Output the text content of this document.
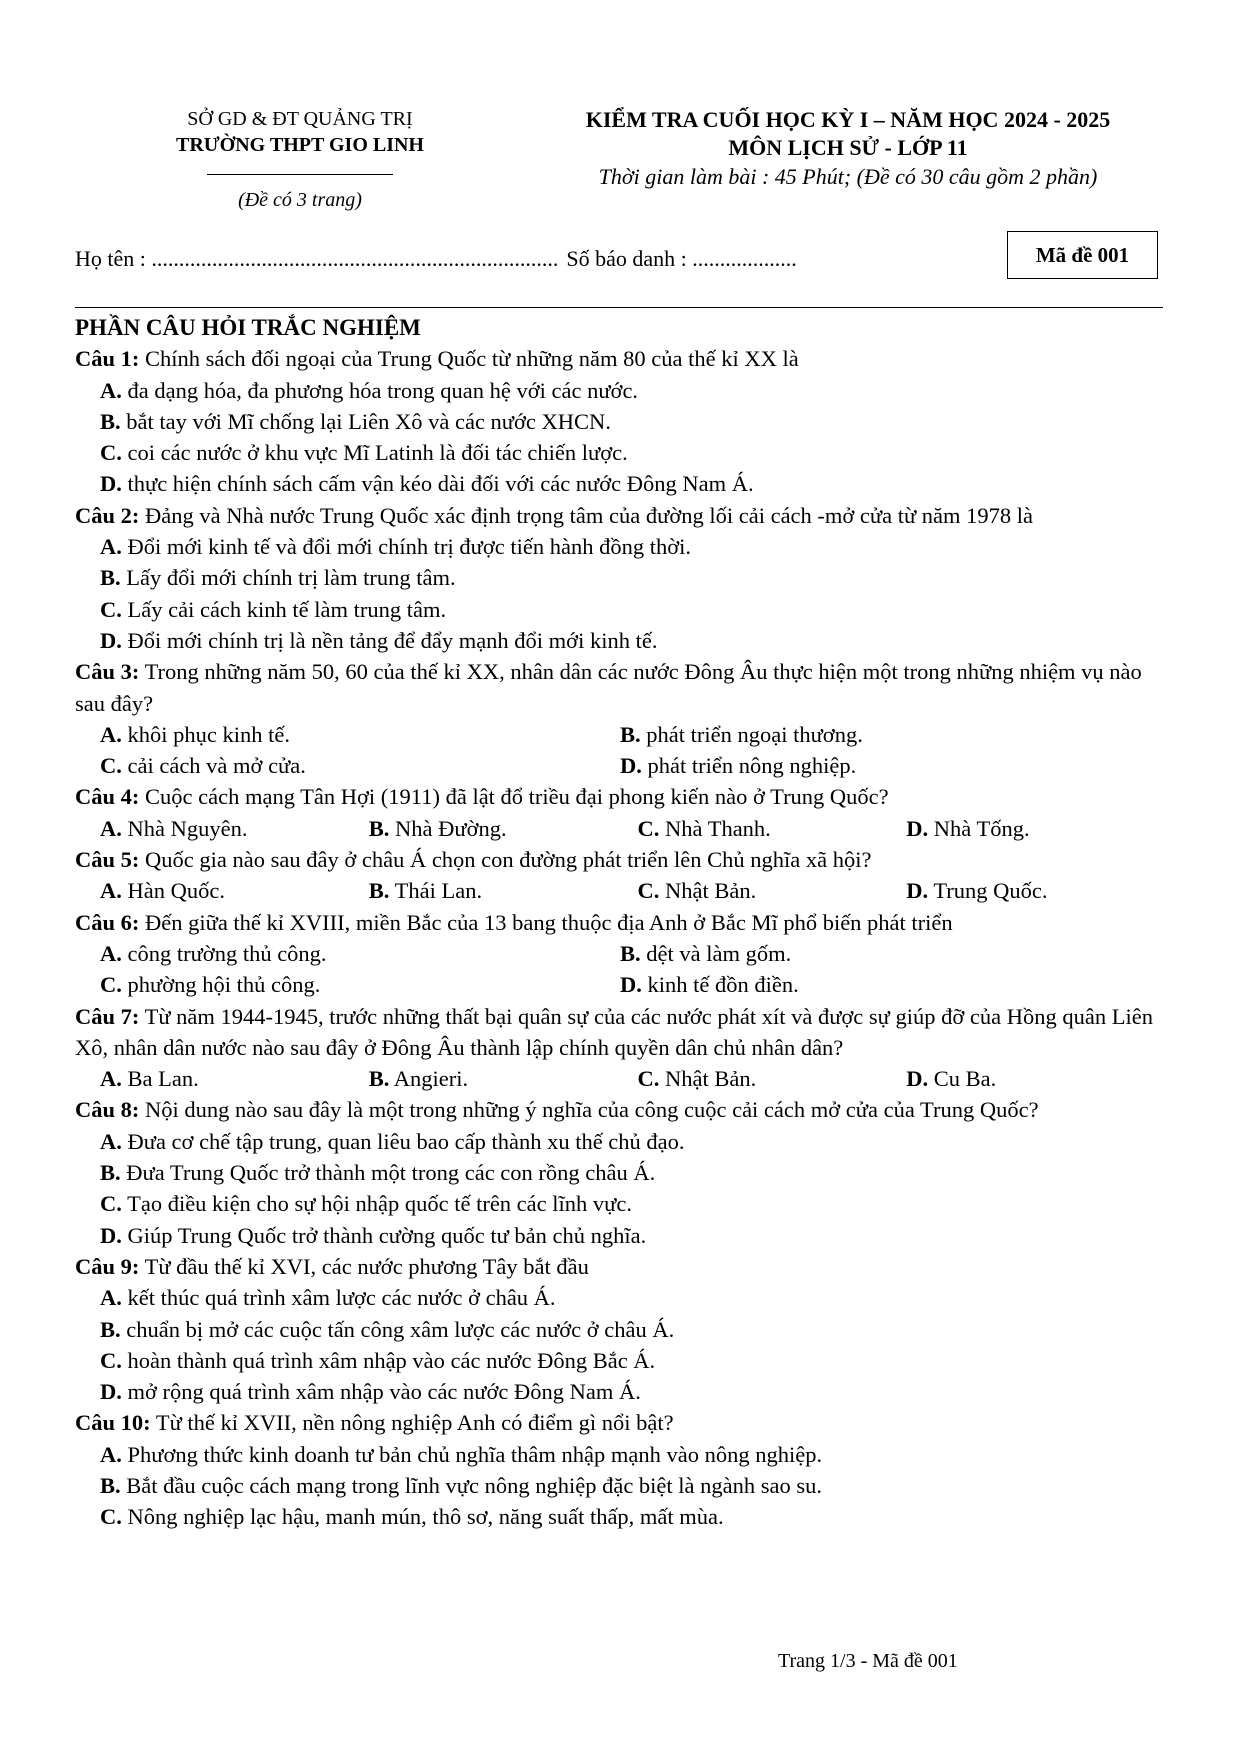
SỞ GD & ĐT QUẢNG TRỊ
TRƯỜNG THPT GIO LINH
(Đề có 3 trang)
KIỂM TRA CUỐI HỌC KỲ I – NĂM HỌC 2024 - 2025
MÔN LỊCH SỬ - LỚP 11
Thời gian làm bài : 45 Phút; (Đề có 30 câu gồm 2 phần)
Họ tên : .......................................................................... Số báo danh : ...................	Mã đề 001
PHẦN CÂU HỎI TRẮC NGHIỆM
Câu 1: Chính sách đối ngoại của Trung Quốc từ những năm 80 của thế kỉ XX là
A. đa dạng hóa, đa phương hóa trong quan hệ với các nước.
B. bắt tay với Mĩ chống lại Liên Xô và các nước XHCN.
C. coi các nước ở khu vực Mĩ Latinh là đối tác chiến lược.
D. thực hiện chính sách cấm vận kéo dài đối với các nước Đông Nam Á.
Câu 2: Đảng và Nhà nước Trung Quốc xác định trọng tâm của đường lối cải cách -mở cửa từ năm 1978 là
A. Đổi mới kinh tế và đổi mới chính trị được tiến hành đồng thời.
B. Lấy đổi mới chính trị làm trung tâm.
C. Lấy cải cách kinh tế làm trung tâm.
D. Đổi mới chính trị là nền tảng để đẩy mạnh đổi mới kinh tế.
Câu 3: Trong những năm 50, 60 của thế kỉ XX, nhân dân các nước Đông Âu thực hiện một trong những nhiệm vụ nào sau đây?
A. khôi phục kinh tế.	B. phát triển ngoại thương.
C. cải cách và mở cửa.	D. phát triển nông nghiệp.
Câu 4: Cuộc cách mạng Tân Hợi (1911) đã lật đổ triều đại phong kiến nào ở Trung Quốc?
A. Nhà Nguyên.	B. Nhà Đường.	C. Nhà Thanh.	D. Nhà Tống.
Câu 5: Quốc gia nào sau đây ở châu Á chọn con đường phát triển lên Chủ nghĩa xã hội?
A. Hàn Quốc.	B. Thái Lan.	C. Nhật Bản.	D. Trung Quốc.
Câu 6: Đến giữa thế kỉ XVIII, miền Bắc của 13 bang thuộc địa Anh ở Bắc Mĩ phổ biến phát triển
A. công trường thủ công.	B. dệt và làm gốm.
C. phường hội thủ công.	D. kinh tế đồn điền.
Câu 7: Từ năm 1944-1945, trước những thất bại quân sự của các nước phát xít và được sự giúp đỡ của Hồng quân Liên Xô, nhân dân nước nào sau đây ở Đông Âu thành lập chính quyền dân chủ nhân dân?
A. Ba Lan.	B. Angieri.	C. Nhật Bản.	D. Cu Ba.
Câu 8: Nội dung nào sau đây là một trong những ý nghĩa của công cuộc cải cách mở cửa của Trung Quốc?
A. Đưa cơ chế tập trung, quan liêu bao cấp thành xu thế chủ đạo.
B. Đưa Trung Quốc trở thành một trong các con rồng châu Á.
C. Tạo điều kiện cho sự hội nhập quốc tế trên các lĩnh vực.
D. Giúp Trung Quốc trở thành cường quốc tư bản chủ nghĩa.
Câu 9: Từ đầu thế kỉ XVI, các nước phương Tây bắt đầu
A. kết thúc quá trình xâm lược các nước ở châu Á.
B. chuẩn bị mở các cuộc tấn công xâm lược các nước ở châu Á.
C. hoàn thành quá trình xâm nhập vào các nước Đông Bắc Á.
D. mở rộng quá trình xâm nhập vào các nước Đông Nam Á.
Câu 10: Từ thế kỉ XVII, nền nông nghiệp Anh có điểm gì nổi bật?
A. Phương thức kinh doanh tư bản chủ nghĩa thâm nhập mạnh vào nông nghiệp.
B. Bắt đầu cuộc cách mạng trong lĩnh vực nông nghiệp đặc biệt là ngành sao su.
C. Nông nghiệp lạc hậu, manh mún, thô sơ, năng suất thấp, mất mùa.
Trang 1/3 - Mã đề 001
